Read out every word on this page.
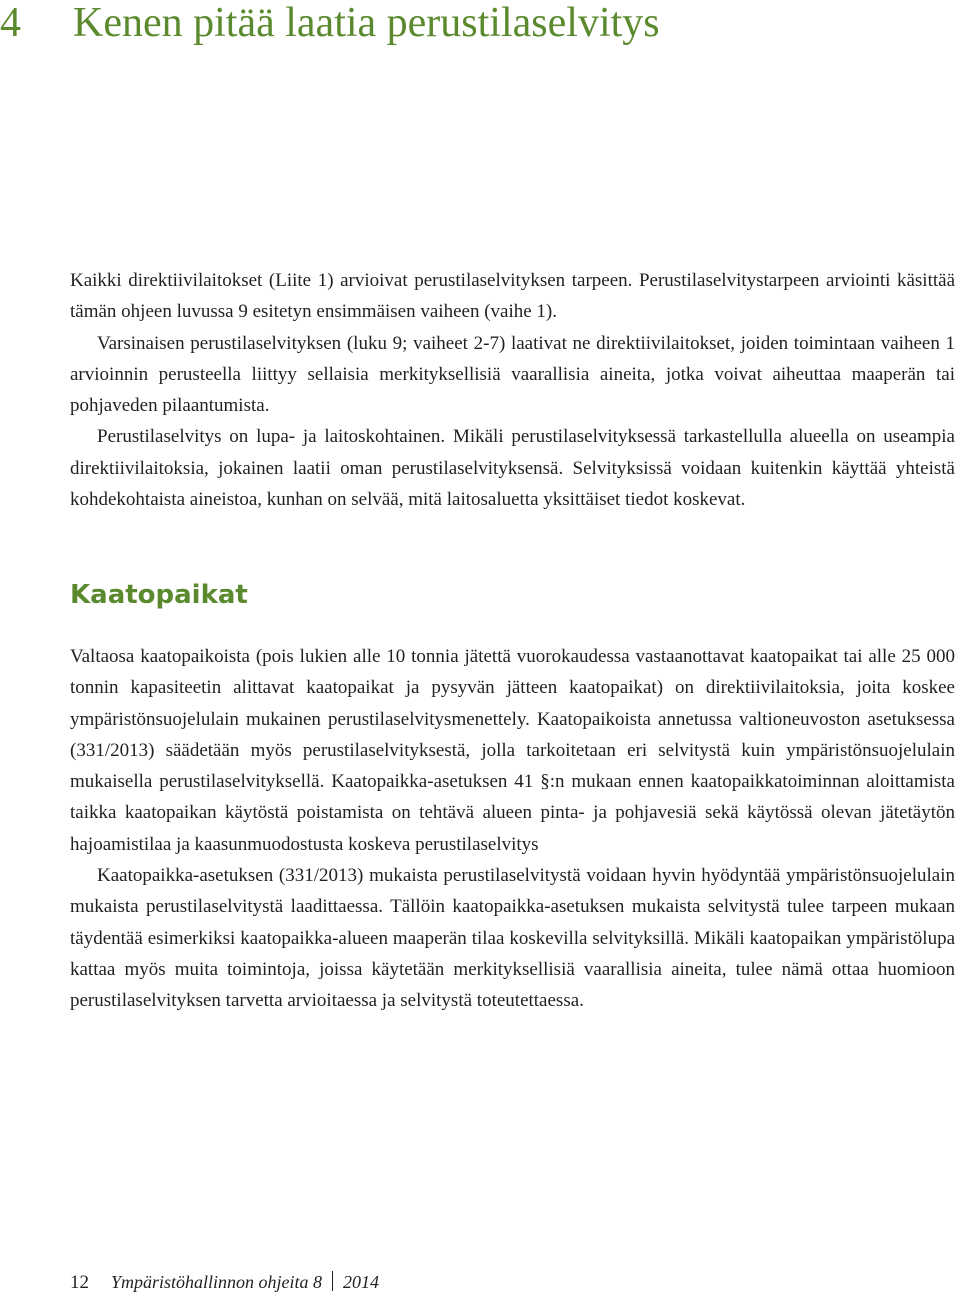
4 Kenen pitää laatia perustilaselvitys

Kaikki direktiivilaitokset (Liite 1) arvioivat perustilaselvityksen tarpeen. Perustilaselvitystarpeen arviointi käsittää tämän ohjeen luvussa 9 esitetyn ensimmäisen vaiheen (vaihe 1).

Varsinaisen perustilaselvityksen (luku 9; vaiheet 2-7) laativat ne direktiivilaitokset, joiden toimintaan vaiheen 1 arvioinnin perusteella liittyy sellaisia merkityksellisiä vaarallisia aineita, jotka voivat aiheuttaa maaperän tai pohjaveden pilaantumista.

Perustilaselvitys on lupa- ja laitoskohtainen. Mikäli perustilaselvityksessä tarkastellulla alueella on useampia direktiivilaitoksia, jokainen laatii oman perustilaselvityksensä. Selvityksissä voidaan kuitenkin käyttää yhteistä kohdekohtaista aineistoa, kunhan on selvää, mitä laitosaluetta yksittäiset tiedot koskevat.

Kaatopaikat

Valtaosa kaatopaikoista (pois lukien alle 10 tonnia jätettä vuorokaudessa vastaanottavat kaatopaikat tai alle 25 000 tonnin kapasiteetin alittavat kaatopaikat ja pysyvän jätteen kaatopaikat) on direktiivilaitoksia, joita koskee ympäristönsuojelulain mukainen perustilaselvitysmenettely. Kaatopaikoista annetussa valtioneuvoston asetuksessa (331/2013) säädetään myös perustilaselvityksestä, jolla tarkoitetaan eri selvitystä kuin ympäristönsuojelulain mukaisella perustilaselvityksellä. Kaatopaikka-asetuksen 41 §:n mukaan ennen kaatopaikkatoiminnan aloittamista taikka kaatopaikan käytöstä poistamista on tehtävä alueen pinta- ja pohjavesiä sekä käytössä olevan jätetäytön hajoamistilaa ja kaasunmuodostusta koskeva perustilaselvitys

Kaatopaikka-asetuksen (331/2013) mukaista perustilaselvitystä voidaan hyvin hyödyntää ympäristönsuojelulain mukaista perustilaselvitystä laadittaessa. Tällöin kaatopaikka-asetuksen mukaista selvitystä tulee tarpeen mukaan täydentää esimerkiksi kaatopaikka-alueen maaperän tilaa koskevilla selvityksillä. Mikäli kaatopaikan ympäristölupa kattaa myös muita toimintoja, joissa käytetään merkityksellisiä vaarallisia aineita, tulee nämä ottaa huomioon perustilaselvityksen tarvetta arvioitaessa ja selvitystä toteutettaessa.

12 Ympäristöhallinnon ohjeita 8 2014
